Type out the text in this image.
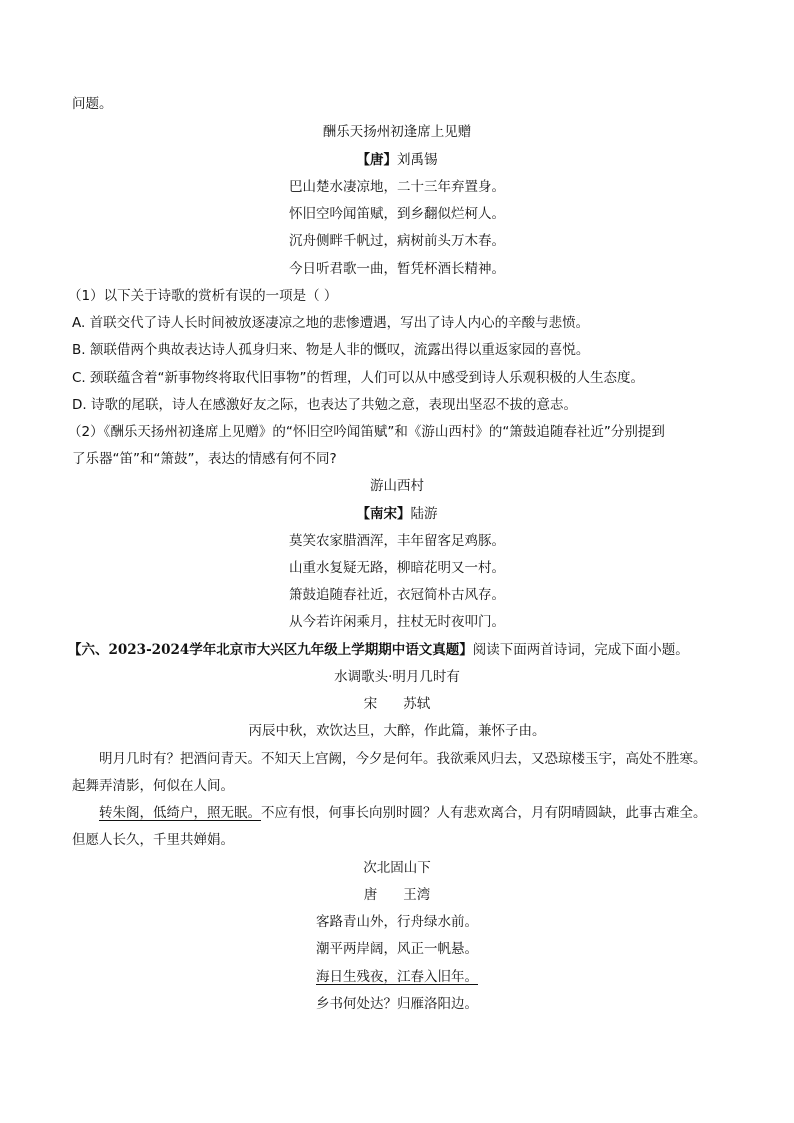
问题。
酬乐天扬州初逢席上见赠
【唐】刘禹锡
巴山楚水凄凉地，二十三年弃置身。
怀旧空吟闻笛赋，到乡翻似烂柯人。
沉舟侧畔千帆过，病树前头万木春。
今日听君歌一曲，暂凭杯酒长精神。
（1）以下关于诗歌的赏析有误的一项是（ ）
A. 首联交代了诗人长时间被放逐凄凉之地的悲惨遭遇，写出了诗人内心的辛酸与悲愤。
B. 颔联借两个典故表达诗人孤身归来、物是人非的慨叹，流露出得以重返家园的喜悦。
C. 颈联蕴含着“新事物终将取代旧事物”的哲理，人们可以从中感受到诗人乐观积极的人生态度。
D. 诗歌的尾联，诗人在感激好友之际，也表达了共勉之意，表现出坚忍不拔的意志。
（2）《酬乐天扬州初逢席上见赠》的“怀旧空吟闻笛赋”和《游山西村》的“箫鼓追随春社近”分别提到
了乐器“笛”和“箫鼓”，表达的情感有何不同?
游山西村
【南宋】陆游
莫笑农家腊酒浑，丰年留客足鸡豚。
山重水复疑无路，柳暗花明又一村。
箫鼓追随春社近，衣冠简朴古风存。
从今若许闲乘月，拄杖无时夜叩门。
【六、2023-2024学年北京市大兴区九年级上学期期中语文真题】阅读下面两首诗词，完成下面小题。
水调歌头·明月几时有
宋 苏轼
丙辰中秋，欢饮达旦，大醉，作此篇，兼怀子由。
明月几时有？把酒问青天。不知天上宫阙，今夕是何年。我欲乘风归去，又恐琼楼玉宇，高处不胜寒。
起舞弄清影，何似在人间。
转朱阁，低绮户，照无眠。不应有恨，何事长向别时圆？人有悲欢离合，月有阴晴圆缺，此事古难全。
但愿人长久，千里共婵娟。
次北固山下
唐 王湾
客路青山外，行舟绿水前。
潮平两岸阔，风正一帆悬。
海日生残夜，江春入旧年。
乡书何处达？归雁洛阳边。
